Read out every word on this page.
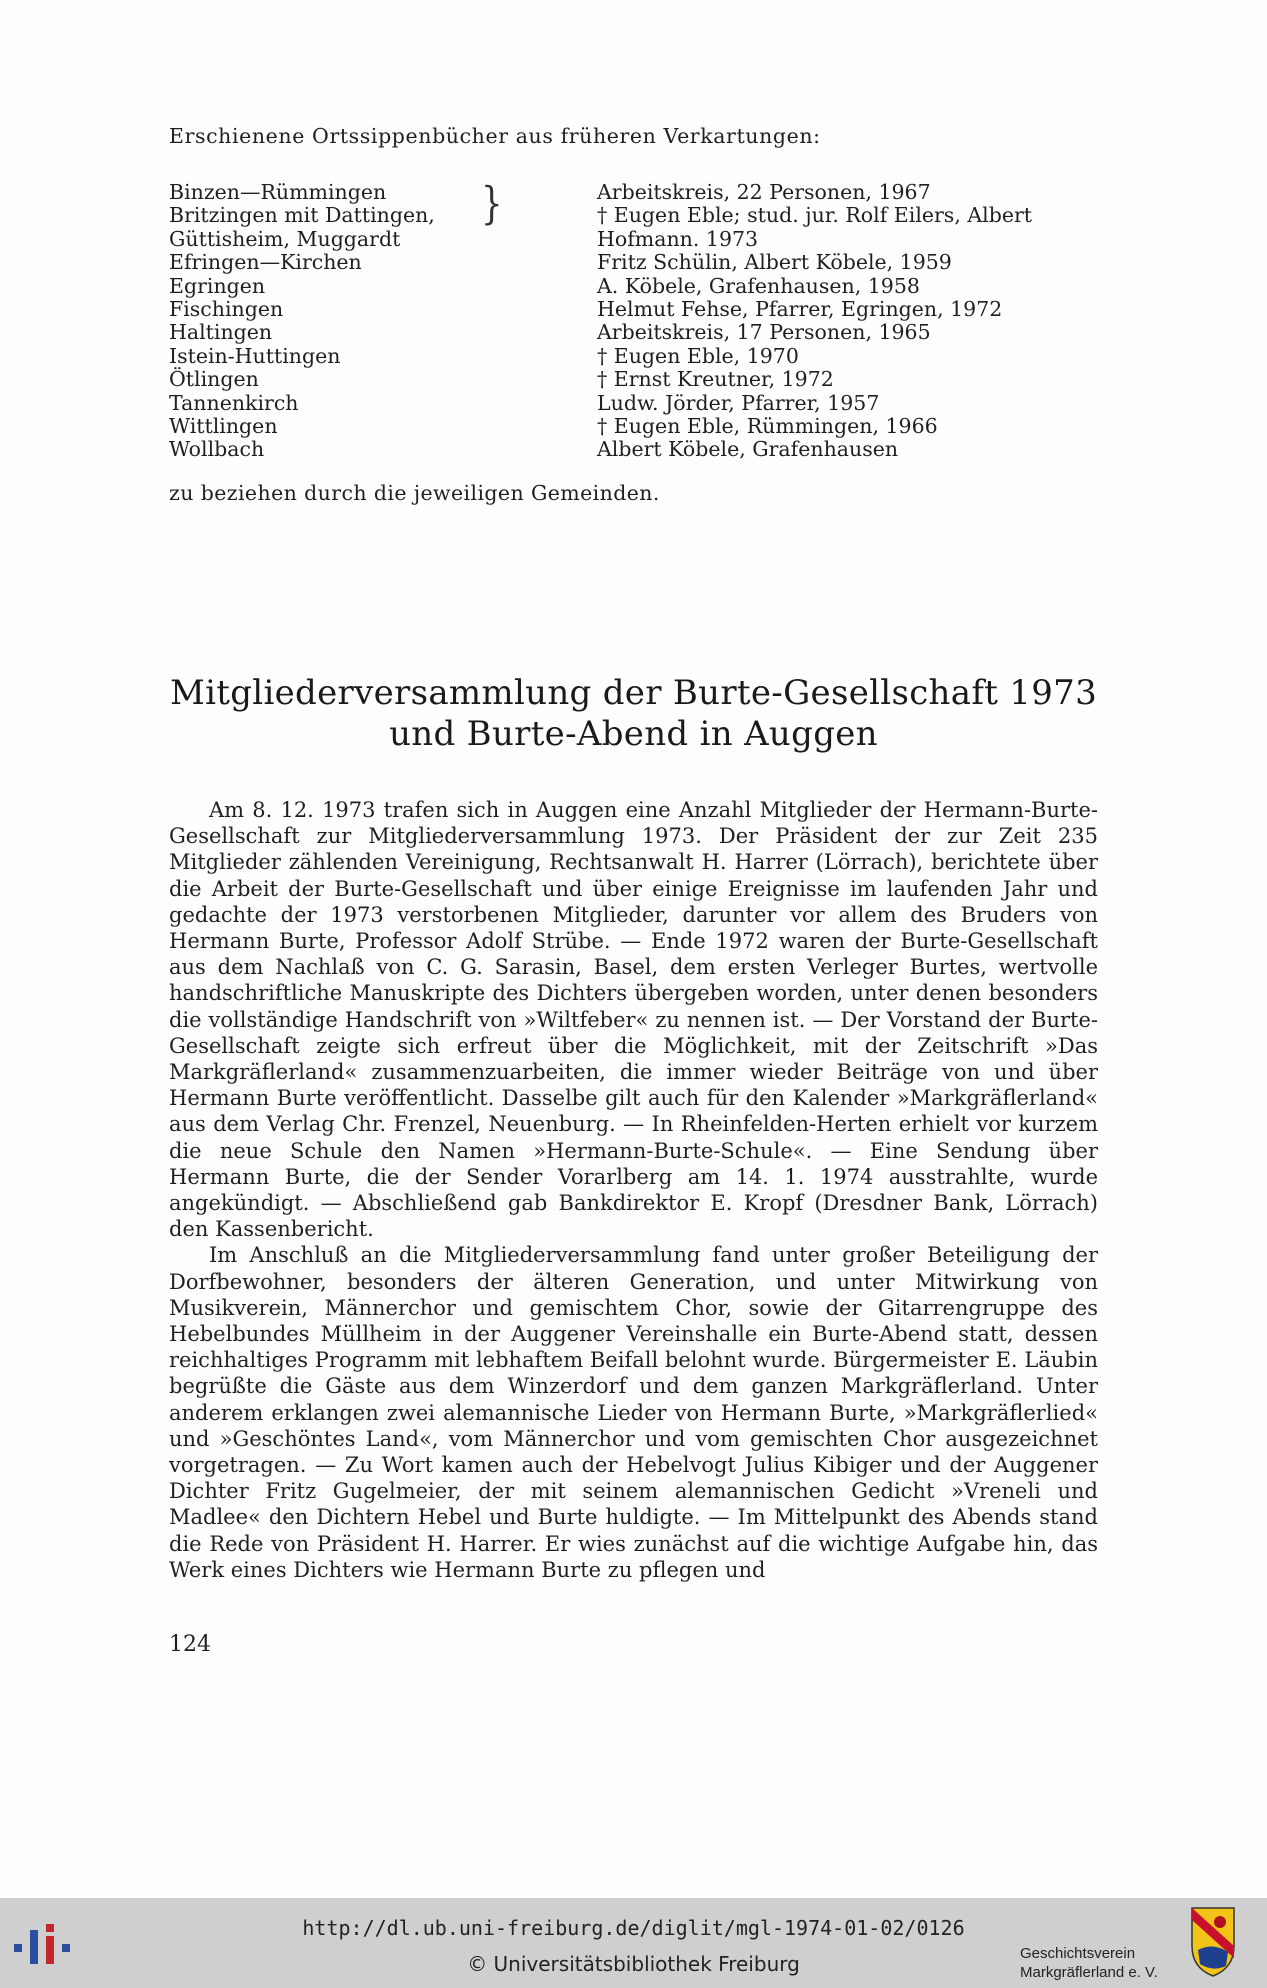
Erschienene Ortssippenbücher aus früheren Verkartungen:
Binzen—Rümmingen	Arbeitskreis, 22 Personen, 1967
Britzingen mit Dattingen,	† Eugen Eble; stud. jur. Rolf Eilers, Albert
Güttisheim, Muggardt	Hofmann. 1973
Efringen—Kirchen	Fritz Schülin, Albert Köbele, 1959
Egringen	A. Köbele, Grafenhausen, 1958
Fischingen	Helmut Fehse, Pfarrer, Egringen, 1972
Haltingen	Arbeitskreis, 17 Personen, 1965
Istein-Huttingen	† Eugen Eble, 1970
Ötlingen	† Ernst Kreutner, 1972
Tannenkirch	Ludw. Jörder, Pfarrer, 1957
Wittlingen	† Eugen Eble, Rümmingen, 1966
Wollbach	Albert Köbele, Grafenhausen
}
zu beziehen durch die jeweiligen Gemeinden.
Mitgliederversammlung der Burte-Gesellschaft 1973
und Burte-Abend in Auggen

Am 8. 12. 1973 trafen sich in Auggen eine Anzahl Mitglieder der Hermann-Burte-Gesellschaft zur Mitgliederversammlung 1973. Der Präsident der zur Zeit 235 Mitglieder zählenden Vereinigung, Rechtsanwalt H. Harrer (Lörrach), berichtete über die Arbeit der Burte-Gesellschaft und über einige Ereignisse im laufenden Jahr und gedachte der 1973 verstorbenen Mitglieder, darunter vor allem des Bruders von Hermann Burte, Professor Adolf Strübe. — Ende 1972 waren der Burte-Gesellschaft aus dem Nachlaß von C. G. Sarasin, Basel, dem ersten Verleger Burtes, wertvolle handschriftliche Manuskripte des Dichters übergeben worden, unter denen besonders die vollständige Handschrift von »Wiltfeber« zu nennen ist. — Der Vorstand der Burte-Gesellschaft zeigte sich erfreut über die Möglichkeit, mit der Zeitschrift »Das Markgräflerland« zusammenzuarbeiten, die immer wieder Beiträge von und über Hermann Burte veröffentlicht. Dasselbe gilt auch für den Kalender »Markgräflerland« aus dem Verlag Chr. Frenzel, Neuenburg. — In Rheinfelden-Herten erhielt vor kurzem die neue Schule den Namen »Hermann-Burte-Schule«. — Eine Sendung über Hermann Burte, die der Sender Vorarlberg am 14. 1. 1974 ausstrahlte, wurde angekündigt. — Abschließend gab Bankdirektor E. Kropf (Dresdner Bank, Lörrach) den Kassenbericht.

Im Anschluß an die Mitgliederversammlung fand unter großer Beteiligung der Dorfbewohner, besonders der älteren Generation, und unter Mitwirkung von Musikverein, Männerchor und gemischtem Chor, sowie der Gitarrengruppe des Hebelbundes Müllheim in der Auggener Vereinshalle ein Burte-Abend statt, dessen reichhaltiges Programm mit lebhaftem Beifall belohnt wurde. Bürgermeister E. Läubin begrüßte die Gäste aus dem Winzerdorf und dem ganzen Markgräflerland. Unter anderem erklangen zwei alemannische Lieder von Hermann Burte, »Markgräflerlied« und »Geschöntes Land«, vom Männerchor und vom gemischten Chor ausgezeichnet vorgetragen. — Zu Wort kamen auch der Hebelvogt Julius Kibiger und der Auggener Dichter Fritz Gugelmeier, der mit seinem alemannischen Gedicht »Vreneli und Madlee« den Dichtern Hebel und Burte huldigte. — Im Mittelpunkt des Abends stand die Rede von Präsident H. Harrer. Er wies zunächst auf die wichtige Aufgabe hin, das Werk eines Dichters wie Hermann Burte zu pflegen und

124
http://dl.ub.uni-freiburg.de/diglit/mgl-1974-01-02/0126
© Universitätsbibliothek Freiburg	Geschichtsverein
Markgräflerland e. V.
